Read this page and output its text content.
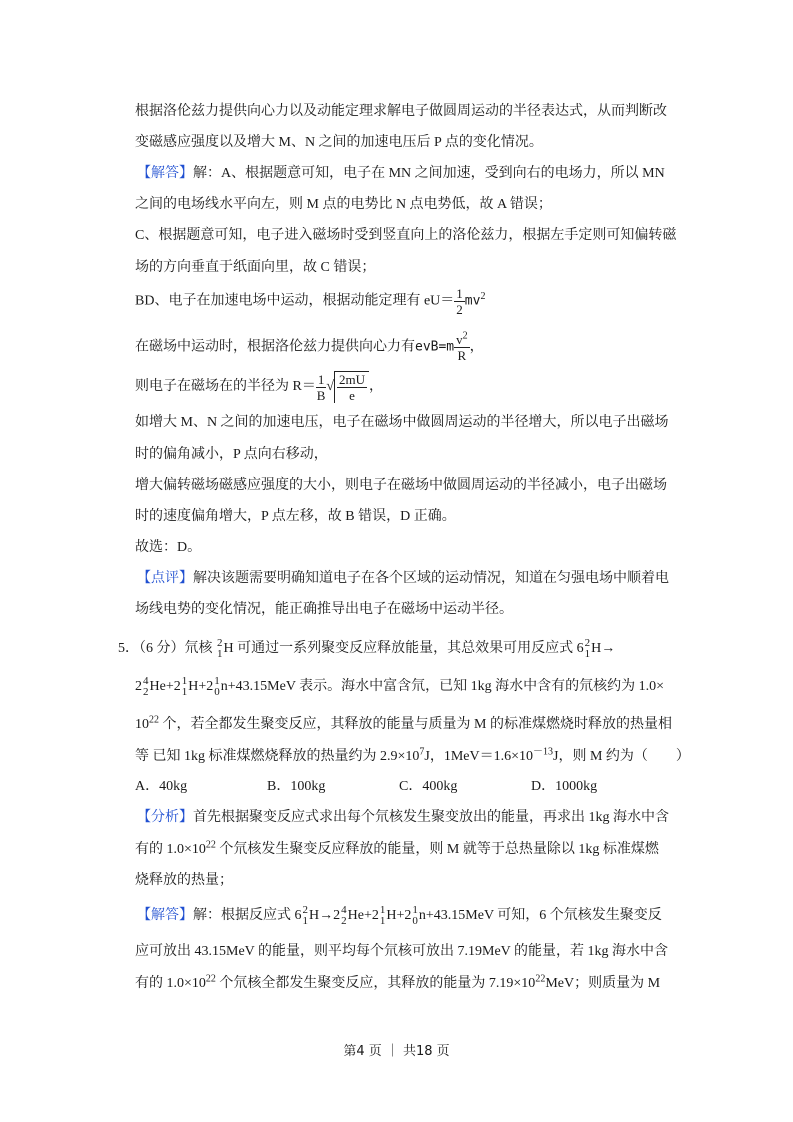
根据洛伦兹力提供向心力以及动能定理求解电子做圆周运动的半径表达式，从而判断改
变磁感应强度以及增大 M、N 之间的加速电压后 P 点的变化情况。
【解答】解：A、根据题意可知，电子在 MN 之间加速，受到向右的电场力，所以 MN
之间的电场线水平向左，则 M 点的电势比 N 点电势低，故 A 错误；
C、根据题意可知，电子进入磁场时受到竖直向上的洛伦兹力，根据左手定则可知偏转磁
场的方向垂直于纸面向里，故 C 错误；
BD、电子在加速电场中运动，根据动能定理有 $eU= \frac{1}{2} mv^2$
在磁场中运动时，根据洛伦兹力提供向心力有$evB=m \frac{v^2}{R}$ ，
则电子在磁场在的半径为 $R= \frac{1}{B}$ √ $\frac{2mU}{e}$ ，
如增大 M、N 之间的加速电压，电子在磁场中做圆周运动的半径增大，所以电子出磁场
时的偏角减小，P 点向右移动，
增大偏转磁场磁感应强度的大小，则电子在磁场中做圆周运动的半径减小，电子出磁场
时的速度偏角增大，P 点左移，故 B 错误，D 正确。
故选：D。
【点评】解决该题需要明确知道电子在各个区域的运动情况，知道在匀强电场中顺着电
场线电势的变化情况，能正确推导出电子在磁场中运动半径。
5．（6 分）氘核 2
1 H 可通过一系列聚变反应释放能量，其总效果可用反应式 6 2
1 H→
2 4
2 He+2 1
1 H+2 1
0 n+43.15MeV 表示。海水中富含氘，已知 1kg 海水中含有的氘核约为 1.0×
$10^{22}$ 个，若全都发生聚变反应，其释放的能量与质量为 M 的标准煤燃烧时释放的热量相
等 已知 1kg 标准煤燃烧释放的热量约为 $2.9\times 10^7J$，$1MeV=1.6\times 10^{-13}J$，则 M 约为（　　）
A．40kg	B．100kg	C．400kg	D．1000kg
【分析】首先根据聚变反应式求出每个氘核发生聚变放出的能量，再求出 1kg 海水中含
有的 $1.0\times 10^{22}$ 个氘核发生聚变反应释放的能量，则 M 就等于总热量除以 1kg 标准煤燃
烧释放的热量；
【解答】解：根据反应式 6 2
1 H→2 4
2 He+2 1
1 H+2 1
0 n+43.15MeV 可知，6 个氘核发生聚变反
应可放出 43.15MeV 的能量，则平均每个氘核可放出 7.19MeV 的能量，若 1kg 海水中含
有的 $1.0\times 10^{22}$ 个氘核全都发生聚变反应，其释放的能量为 $7.19\times 10^{22}MeV$；则质量为 M
第4 页 ｜ 共18 页
